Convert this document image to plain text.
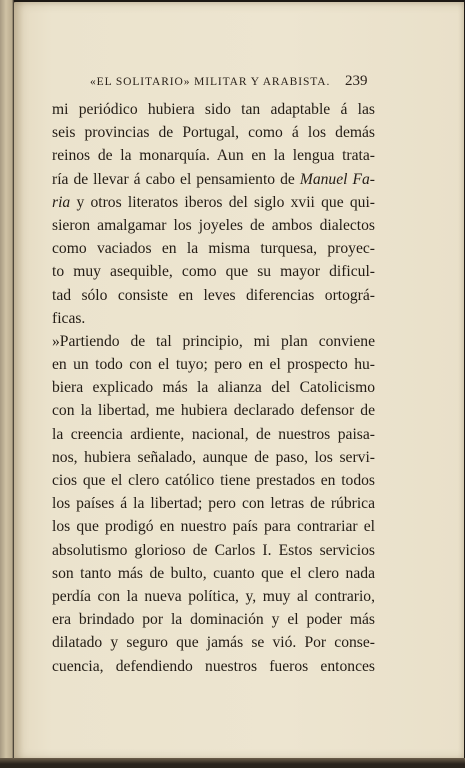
«EL SOLITARIO» MILITAR Y ARABISTA. 239
mi periódico hubiera sido tan adaptable á las
seis provincias de Portugal, como á los demás
reinos de la monarquía. Aun en la lengua trata-
ría de llevar á cabo el pensamiento de Manuel Fa-
ria y otros literatos iberos del siglo xvii que qui-
sieron amalgamar los joyeles de ambos dialectos
como vaciados en la misma turquesa, proyec-
to muy asequible, como que su mayor dificul-
tad sólo consiste en leves diferencias ortográ-
ficas.
»Partiendo de tal principio, mi plan conviene
en un todo con el tuyo; pero en el prospecto hu-
biera explicado más la alianza del Catolicismo
con la libertad, me hubiera declarado defensor de
la creencia ardiente, nacional, de nuestros paisa-
nos, hubiera señalado, aunque de paso, los servi-
cios que el clero católico tiene prestados en todos
los países á la libertad; pero con letras de rúbrica
los que prodigó en nuestro país para contrariar el
absolutismo glorioso de Carlos I. Estos servicios
son tanto más de bulto, cuanto que el clero nada
perdía con la nueva política, y, muy al contrario,
era brindado por la dominación y el poder más
dilatado y seguro que jamás se vió. Por conse-
cuencia, defendiendo nuestros fueros entonces
